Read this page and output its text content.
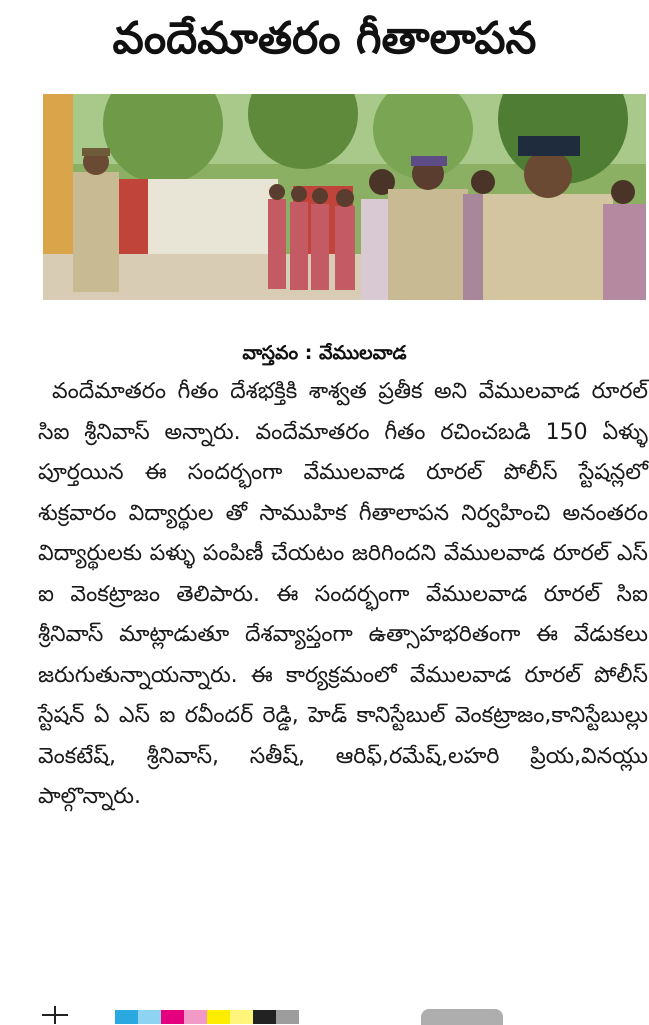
వందేమాతరం గీతాలాపన
వాస్తవం : వేములవాడ
వందేమాతరం గీతం దేశభక్తికి శాశ్వత ప్రతీక అని వేములవాడ రూరల్ సిఐ శ్రీనివాస్ అన్నారు. వందేమాతరం గీతం రచించబడి 150 ఏళ్ళు పూర్తయిన ఈ సందర్భంగా వేములవాడ రూరల్ పోలీస్ స్టేషన్లలో శుక్రవారం విద్యార్థుల తో సాముహిక గీతాలాపన నిర్వహించి అనంతరం విద్యార్థులకు పళ్ళు పంపిణీ చేయటం జరిగిందని వేములవాడ రూరల్ ఎస్ ఐ వెంకట్రాజం తెలిపారు. ఈ సందర్భంగా వేములవాడ రూరల్ సిఐ శ్రీనివాస్ మాట్లాడుతూ దేశవ్యాప్తంగా ఉత్సాహభరితంగా ఈ వేడుకలు జరుగుతున్నాయన్నారు. ఈ కార్యక్రమంలో వేములవాడ రూరల్ పోలీస్ స్టేషన్ ఏ ఎస్ ఐ రవీందర్ రెడ్డి, హెడ్ కానిస్టేబుల్ వెంకట్రాజం,కానిస్టేబుల్లు వెంకటేష్, శ్రీనివాస్, సతీష్, ఆరిఫ్,రమేష్,లహరి ప్రియ,వినయ్లు పాల్గొన్నారు.
